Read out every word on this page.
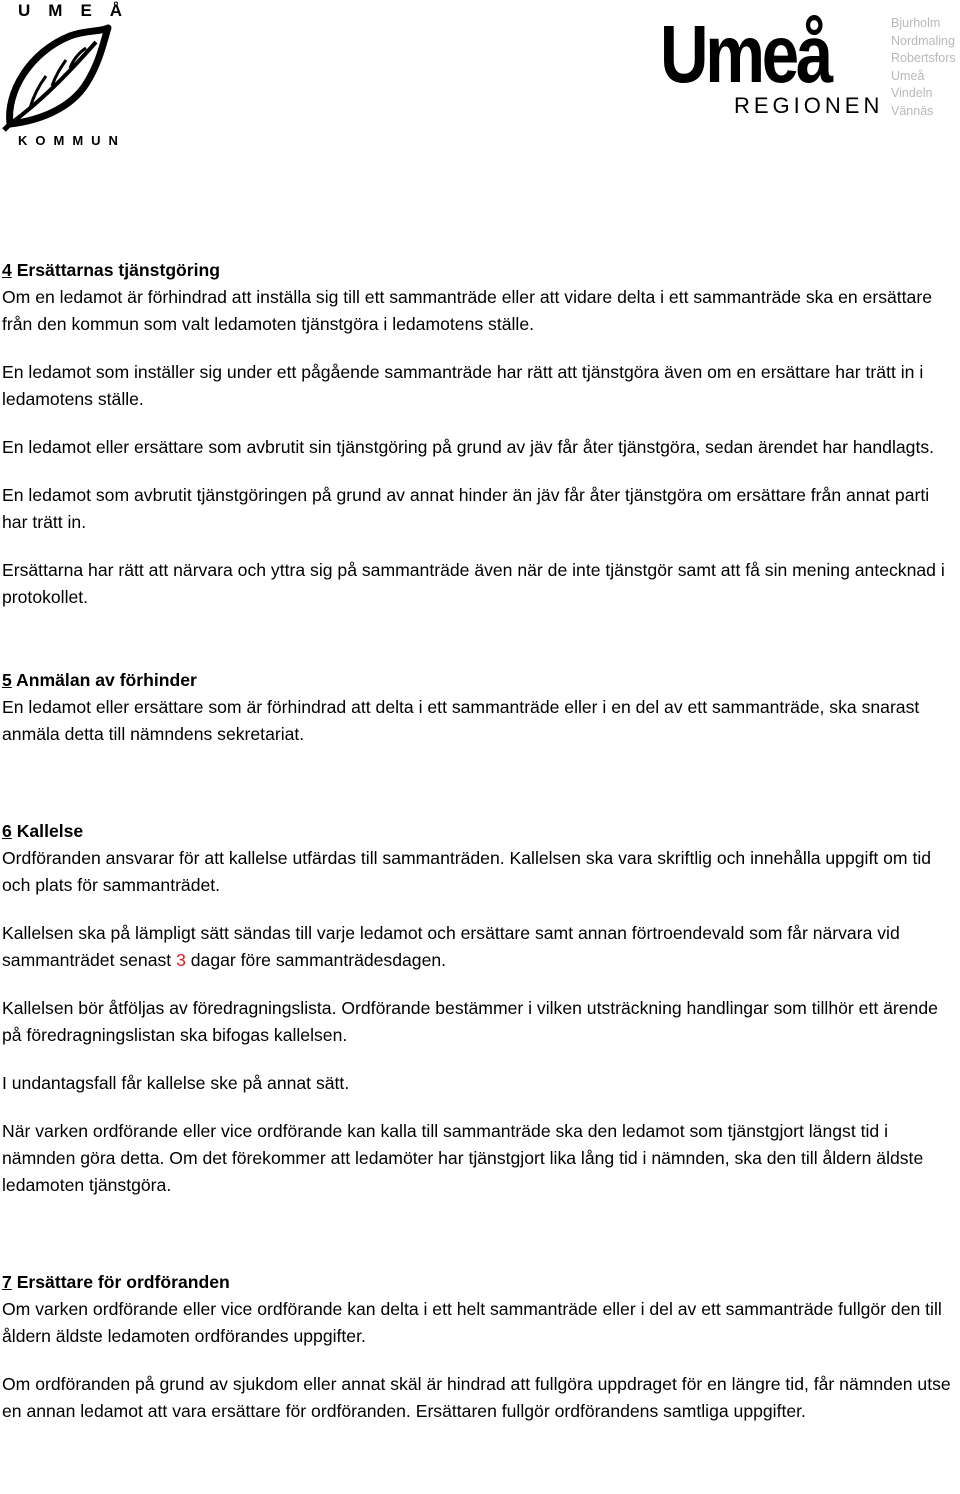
UMEÅ
KOMMUN
Umeå
REGIONEN
Bjurholm
Nordmaling
Robertsfors
Umeå
Vindeln
Vännäs
4 Ersättarnas tjänstgöring

Om en ledamot är förhindrad att inställa sig till ett sammanträde eller att vidare delta i ett sammanträde ska en ersättare från den kommun som valt ledamoten tjänstgöra i ledamotens ställe.

En ledamot som inställer sig under ett pågående sammanträde har rätt att tjänstgöra även om en ersättare har trätt in i ledamotens ställe.

En ledamot eller ersättare som avbrutit sin tjänstgöring på grund av jäv får åter tjänstgöra, sedan ärendet har handlagts.

En ledamot som avbrutit tjänstgöringen på grund av annat hinder än jäv får åter tjänstgöra om ersättare från annat parti har trätt in.

Ersättarna har rätt att närvara och yttra sig på sammanträde även när de inte tjänstgör samt att få sin mening antecknad i protokollet.

5 Anmälan av förhinder

En ledamot eller ersättare som är förhindrad att delta i ett sammanträde eller i en del av ett sammanträde, ska snarast anmäla detta till nämndens sekretariat.

6 Kallelse

Ordföranden ansvarar för att kallelse utfärdas till sammanträden. Kallelsen ska vara skriftlig och innehålla uppgift om tid och plats för sammanträdet.

Kallelsen ska på lämpligt sätt sändas till varje ledamot och ersättare samt annan förtroendevald som får närvara vid sammanträdet senast 3 dagar före sammanträdesdagen.

Kallelsen bör åtföljas av föredragningslista. Ordförande bestämmer i vilken utsträckning handlingar som tillhör ett ärende på föredragningslistan ska bifogas kallelsen.

I undantagsfall får kallelse ske på annat sätt.

När varken ordförande eller vice ordförande kan kalla till sammanträde ska den ledamot som tjänstgjort längst tid i nämnden göra detta. Om det förekommer att ledamöter har tjänstgjort lika lång tid i nämnden, ska den till åldern äldste ledamoten tjänstgöra.

7 Ersättare för ordföranden

Om varken ordförande eller vice ordförande kan delta i ett helt sammanträde eller i del av ett sammanträde fullgör den till åldern äldste ledamoten ordförandes uppgifter.

Om ordföranden på grund av sjukdom eller annat skäl är hindrad att fullgöra uppdraget för en längre tid, får nämnden utse en annan ledamot att vara ersättare för ordföranden. Ersättaren fullgör ordförandens samtliga uppgifter.
